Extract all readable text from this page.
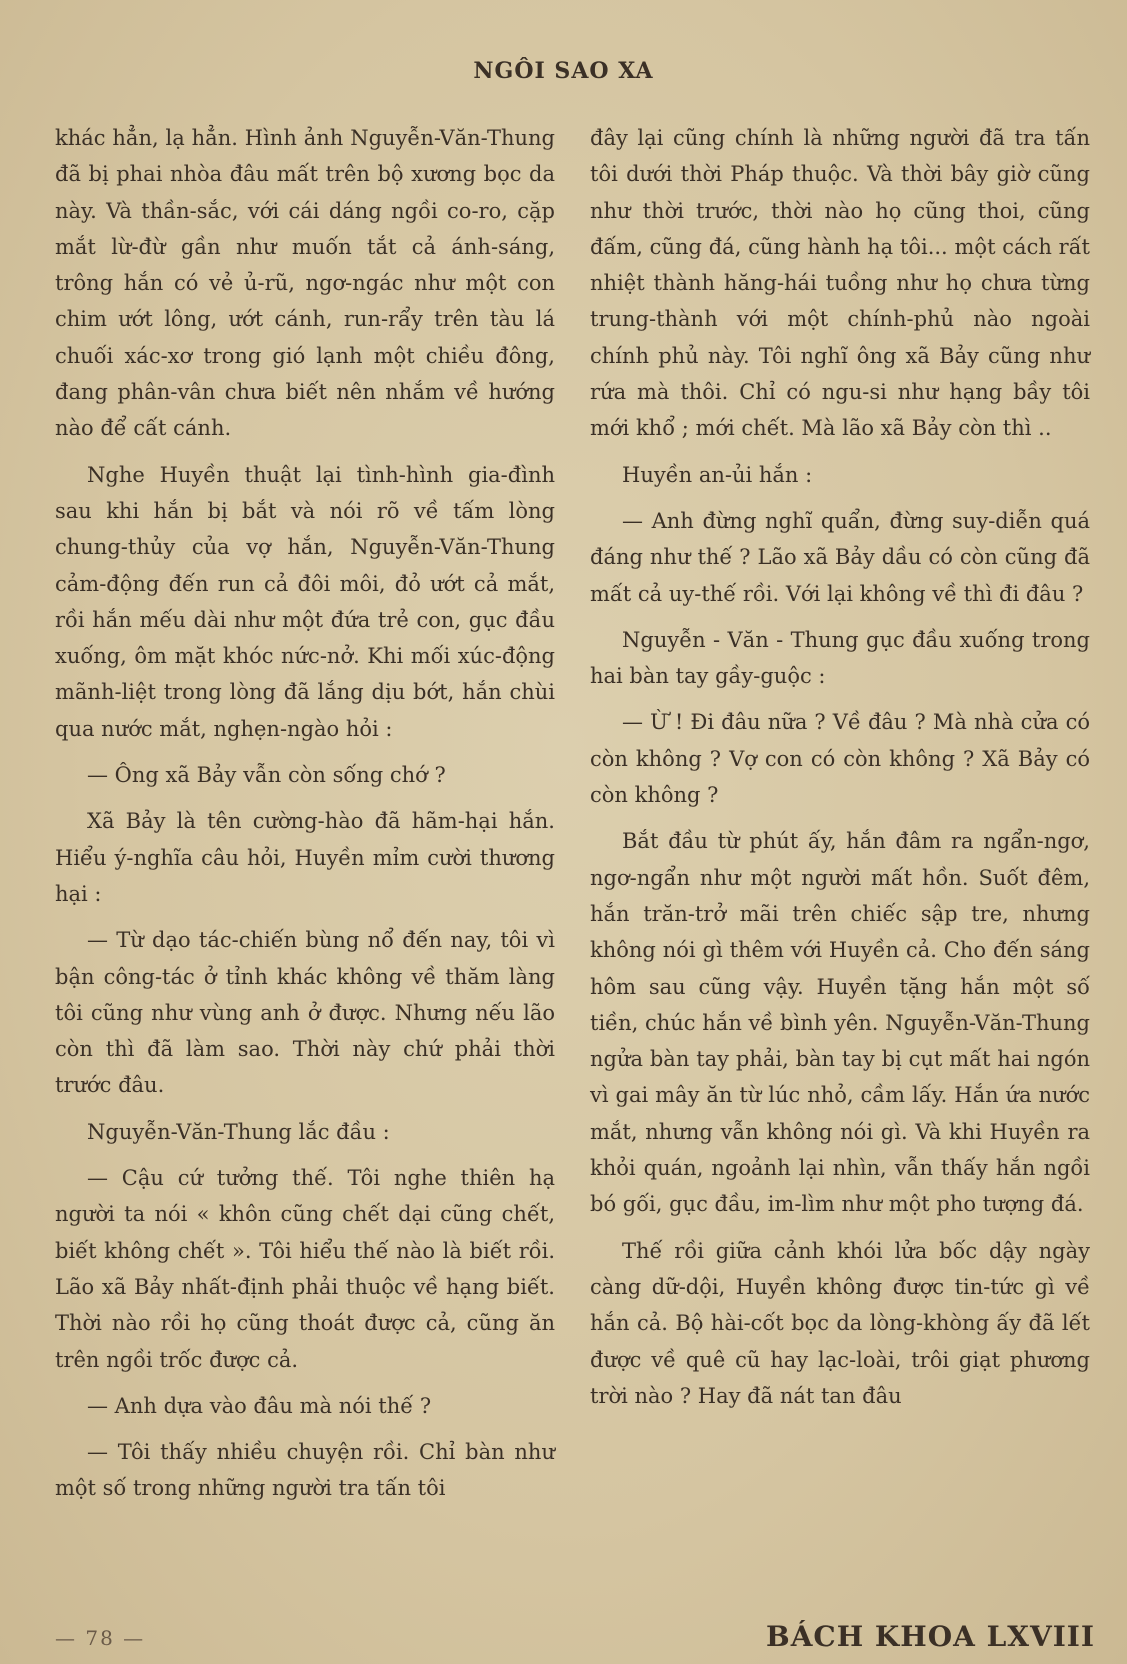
NGÔI SAO XA

khác hẳn, lạ hẳn. Hình ảnh Nguyễn-Văn-Thung đã bị phai nhòa đâu mất trên bộ xương bọc da này. Và thần-sắc, với cái dáng ngồi co-ro, cặp mắt lừ-đừ gần như muốn tắt cả ánh-sáng, trông hắn có vẻ ủ-rũ, ngơ-ngác như một con chim ướt lông, ướt cánh, run-rẩy trên tàu lá chuối xác-xơ trong gió lạnh một chiều đông, đang phân-vân chưa biết nên nhắm về hướng nào để cất cánh.

Nghe Huyền thuật lại tình-hình gia-đình sau khi hắn bị bắt và nói rõ về tấm lòng chung-thủy của vợ hắn, Nguyễn-Văn-Thung cảm-động đến run cả đôi môi, đỏ ướt cả mắt, rồi hắn mếu dài như một đứa trẻ con, gục đầu xuống, ôm mặt khóc nức-nở. Khi mối xúc-động mãnh-liệt trong lòng đã lắng dịu bớt, hắn chùi qua nước mắt, nghẹn-ngào hỏi :

— Ông xã Bảy vẫn còn sống chớ ?

Xã Bảy là tên cường-hào đã hãm-hại hắn. Hiểu ý-nghĩa câu hỏi, Huyền mỉm cười thương hại :

— Từ dạo tác-chiến bùng nổ đến nay, tôi vì bận công-tác ở tỉnh khác không về thăm làng tôi cũng như vùng anh ở được. Nhưng nếu lão còn thì đã làm sao. Thời này chứ phải thời trước đâu.

Nguyễn-Văn-Thung lắc đầu :

— Cậu cứ tưởng thế. Tôi nghe thiên hạ người ta nói « khôn cũng chết dại cũng chết, biết không chết ». Tôi hiểu thế nào là biết rồi. Lão xã Bảy nhất-định phải thuộc về hạng biết. Thời nào rồi họ cũng thoát được cả, cũng ăn trên ngồi trốc được cả.

— Anh dựa vào đâu mà nói thế ?

— Tôi thấy nhiều chuyện rồi. Chỉ bàn như một số trong những người tra tấn tôi

đây lại cũng chính là những người đã tra tấn tôi dưới thời Pháp thuộc. Và thời bây giờ cũng như thời trước, thời nào họ cũng thoi, cũng đấm, cũng đá, cũng hành hạ tôi... một cách rất nhiệt thành hăng-hái tuồng như họ chưa từng trung-thành với một chính-phủ nào ngoài chính phủ này. Tôi nghĩ ông xã Bảy cũng như rứa mà thôi. Chỉ có ngu-si như hạng bầy tôi mới khổ ; mới chết. Mà lão xã Bảy còn thì ..

Huyền an-ủi hắn :

— Anh đừng nghĩ quẩn, đừng suy-diễn quá đáng như thế ? Lão xã Bảy dầu có còn cũng đã mất cả uy-thế rồi. Với lại không về thì đi đâu ?

Nguyễn - Văn - Thung gục đầu xuống trong hai bàn tay gầy-guộc :

— Ừ ! Đi đâu nữa ? Về đâu ? Mà nhà cửa có còn không ? Vợ con có còn không ? Xã Bảy có còn không ?

Bắt đầu từ phút ấy, hắn đâm ra ngẩn-ngơ, ngơ-ngẩn như một người mất hồn. Suốt đêm, hắn trăn-trở mãi trên chiếc sập tre, nhưng không nói gì thêm với Huyền cả. Cho đến sáng hôm sau cũng vậy. Huyền tặng hắn một số tiền, chúc hắn về bình yên. Nguyễn-Văn-Thung ngửa bàn tay phải, bàn tay bị cụt mất hai ngón vì gai mây ăn từ lúc nhỏ, cầm lấy. Hắn ứa nước mắt, nhưng vẫn không nói gì. Và khi Huyền ra khỏi quán, ngoảnh lại nhìn, vẫn thấy hắn ngồi bó gối, gục đầu, im-lìm như một pho tượng đá.

Thế rồi giữa cảnh khói lửa bốc dậy ngày càng dữ-dội, Huyền không được tin-tức gì về hắn cả. Bộ hài-cốt bọc da lòng-khòng ấy đã lết được về quê cũ hay lạc-loài, trôi giạt phương trời nào ? Hay đã nát tan đâu

— 78 —	BÁCH KHOA LXVIII
